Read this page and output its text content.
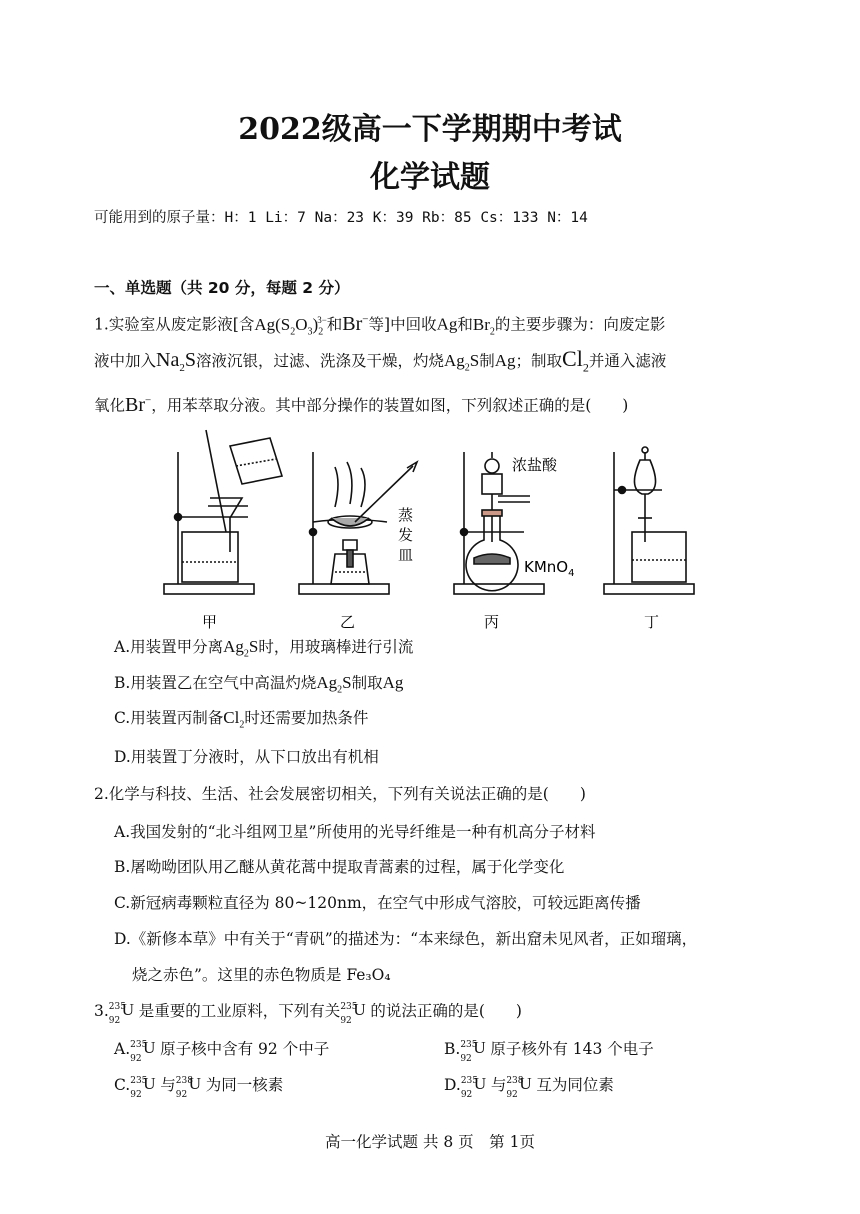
2022级高一下学期期中考试
化学试题
可能用到的原子量：H：1 Li：7 Na：23 K：39 Rb：85 Cs：133 N：14
一、单选题（共 20 分，每题 2 分）
1.实验室从废定影液[含$Ag(S_2O_3)_2^{3-}$和Br−等]中回收Ag和$Br_2$的主要步骤为：向废定影
液中加入$Na_2S$溶液沉银，过滤、洗涤及干燥，灼烧$Ag_2S$制Ag；制取$Cl_2$并通入滤液
氧化Br−，用苯萃取分液。其中部分操作的装置如图，下列叙述正确的是(　　)
蒸
发
皿
浓盐酸
KMnO$_4$
甲	乙	丙	丁
A.用装置甲分离$Ag_2S$时，用玻璃棒进行引流
B.用装置乙在空气中高温灼烧$Ag_2S$制取Ag
C.用装置丙制备$Cl_2$时还需要加热条件
D.用装置丁分液时，从下口放出有机相
2.化学与科技、生活、社会发展密切相关，下列有关说法正确的是(　　)
A.我国发射的“北斗组网卫星”所使用的光导纤维是一种有机高分子材料
B.屠呦呦团队用乙醚从黄花蒿中提取青蒿素的过程，属于化学变化
C.新冠病毒颗粒直径为 80~120nm，在空气中形成气溶胶，可较远距离传播
D.《新修本草》中有关于“青矾”的描述为：“本来绿色，新出窟未见风者，正如瑠璃，
烧之赤色”。这里的赤色物质是 Fe₃O₄
3. 235
92
U 是重要的工业原料，下列有关 235
92
U 的说法正确的是(　　)
A. 235
92
U 原子核中含有 92 个中子	B. 235
92
U 原子核外有 143 个电子
C. 235
92
U 与 238
92
U 为同一核素	D. 235
92
U 与 238
92
U 互为同位素
高一化学试题 共 8 页　第 1页
